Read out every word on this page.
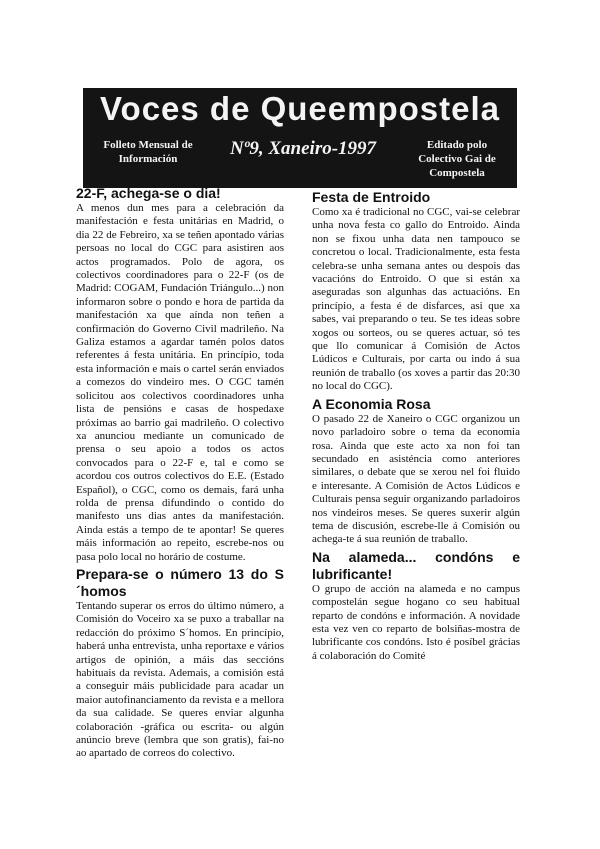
Voces de Queempostela
Folleto Mensual de Información	Nº9, Xaneiro-1997	Editado polo Colectivo Gai de Compostela
22-F, achega-se o dia!

A menos dun mes para a celebración da manifestación e festa unitárias en Madrid, o dia 22 de Febreiro, xa se teñen apontado várias persoas no local do CGC para asistiren aos actos programados. Polo de agora, os colectivos coordinadores para o 22-F (os de Madrid: COGAM, Fundación Triángulo...) non informaron sobre o pondo e hora de partida da manifestación xa que aínda non teñen a confirmación do Governo Civil madrileño. Na Galiza estamos a agardar tamén polos datos referentes á festa unitária. En princípio, toda esta información e mais o cartel serán enviados a comezos do vindeiro mes. O CGC tamén solicitou aos colectivos coordinadores unha lista de pensións e casas de hospedaxe próximas ao barrio gai madrileño. O colectivo xa anunciou mediante un comunicado de prensa o seu apoio a todos os actos convocados para o 22-F e, tal e como se acordou cos outros colectivos do E.E. (Estado Español), o CGC, como os demais, fará unha rolda de prensa difundindo o contido do manifesto uns dias antes da manifestación. Ainda estás a tempo de te apontar! Se queres máis información ao repeito, escrebe-nos ou pasa polo local no horário de costume.

Prepara-se o número 13 do S´homos

Tentando superar os erros do último número, a Comisión do Voceiro xa se puxo a traballar na redacción do próximo S´homos. En princípio, haberá unha entrevista, unha reportaxe e vários artigos de opinión, a máis das seccións habituais da revista. Ademais, a comisión está a conseguir máis publicidade para acadar un maior autofinanciamento da revista e a mellora da sua calidade. Se queres enviar algunha colaboración -gráfica ou escrita- ou algún anúncio breve (lembra que son gratis), fai-no ao apartado de correos do colectivo.

Festa de Entroido

Como xa é tradicional no CGC, vai-se celebrar unha nova festa co gallo do Entroido. Ainda non se fixou unha data nen tampouco se concretou o local. Tradicionalmente, esta festa celebra-se unha semana antes ou despois das vacacións do Entroido. O que si están xa aseguradas son algunhas das actuacións. En princípio, a festa é de disfarces, asi que xa sabes, vai preparando o teu. Se tes ideas sobre xogos ou sorteos, ou se queres actuar, só tes que llo comunicar á Comisión de Actos Lúdicos e Culturais, por carta ou indo á sua reunión de traballo (os xoves a partir das 20:30 no local do CGC).

A Economia Rosa

O pasado 22 de Xaneiro o CGC organizou un novo parladoiro sobre o tema da economia rosa. Ainda que este acto xa non foi tan secundado en asisténcia como anteriores similares, o debate que se xerou nel foi fluido e interesante. A Comisión de Actos Lúdicos e Culturais pensa seguir organizando parladoiros nos vindeiros meses. Se queres suxerir algún tema de discusión, escrebe-lle á Comisión ou achega-te á sua reunión de traballo.

Na alameda... condóns e lubrificante!

O grupo de acción na alameda e no campus compostelán segue hogano co seu habitual reparto de condóns e información. A novidade esta vez ven co reparto de bolsiñas-mostra de lubrificante cos condóns. Isto é posíbel grácias á colaboración do Comité
